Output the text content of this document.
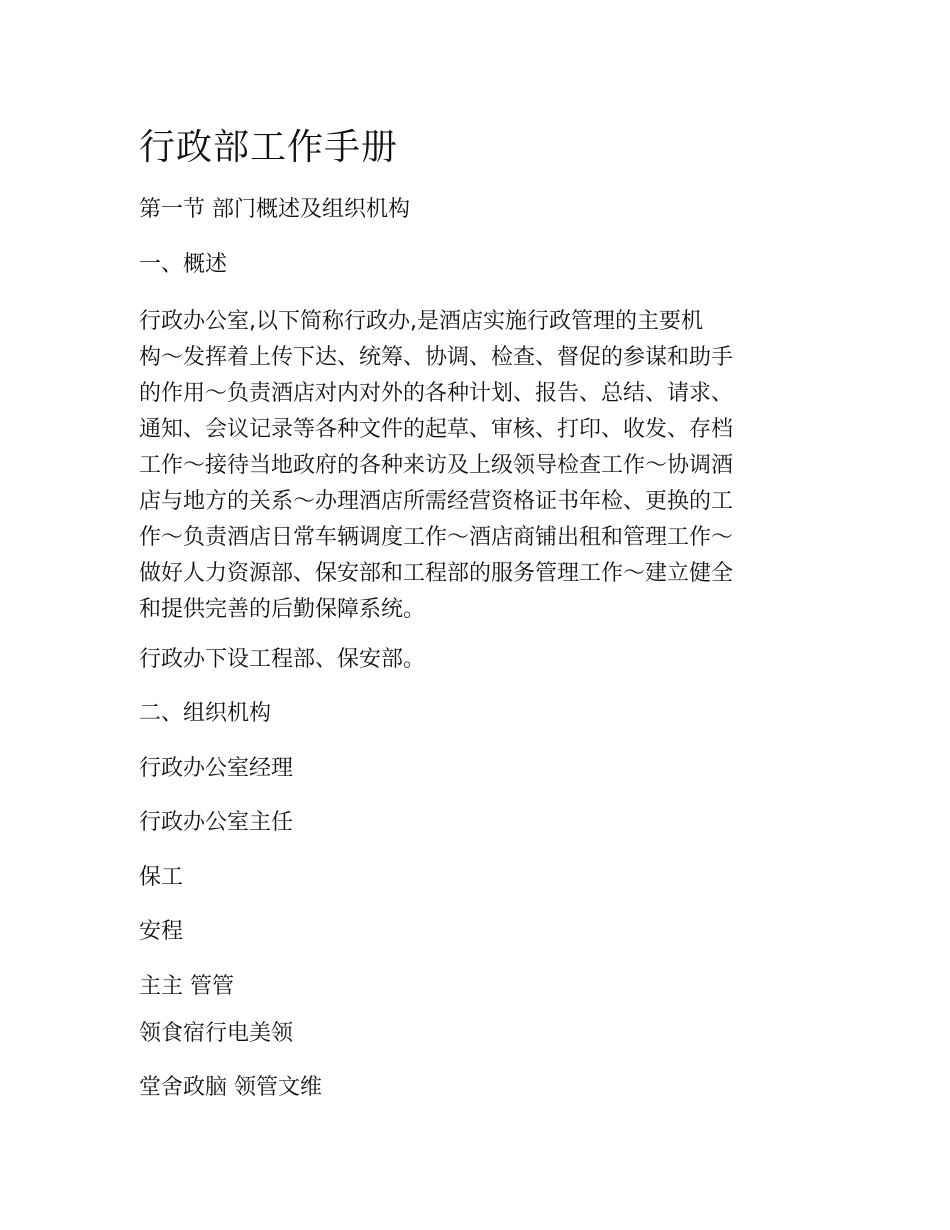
行政部工作手册

第一节 部门概述及组织机构

一、概述

行政办公室,以下简称行政办,是酒店实施行政管理的主要机
构～发挥着上传下达、统筹、协调、检查、督促的参谋和助手
的作用～负责酒店对内对外的各种计划、报告、总结、请求、
通知、会议记录等各种文件的起草、审核、打印、收发、存档
工作～接待当地政府的各种来访及上级领导检查工作～协调酒
店与地方的关系～办理酒店所需经营资格证书年检、更换的工
作～负责酒店日常车辆调度工作～酒店商铺出租和管理工作～
做好人力资源部、保安部和工程部的服务管理工作～建立健全
和提供完善的后勤保障系统。

行政办下设工程部、保安部。

二、组织机构

行政办公室经理

行政办公室主任

保工

安程

主主 管管

领食宿行电美领

堂舍政脑 领管文维
